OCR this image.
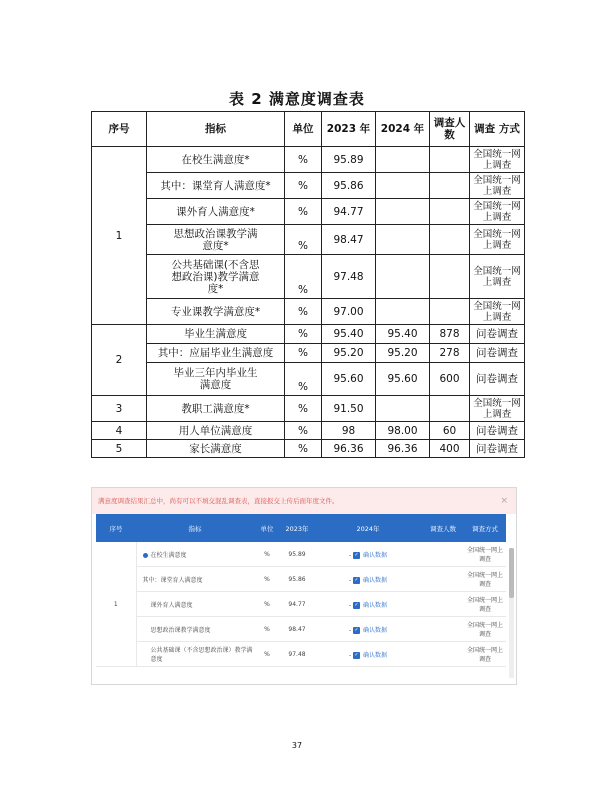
表 2 满意度调查表
序号	指标	单位	2023 年	2024 年	调查人数	调查 方式
1	在校生满意度*	%	95.89			全国统一网上调查
	其中：课堂育人满意度*	%	95.86			全国统一网上调查
	课外育人满意度*	%	94.77			全国统一网上调查
	思想政治课教学满 意度*	%	98.47			全国统一网上调查
	公共基础课(不含思想政治课)教学满意度*	%	97.48			全国统一网上调查
	专业课教学满意度*	%	97.00			全国统一网上调查
2	毕业生满意度	%	95.40	95.40	878	问卷调查
	其中：应届毕业生满意度	%	95.20	95.20	278	问卷调查
	毕业三年内毕业生 满意度	%	95.60	95.60	600	问卷调查
3	教职工满意度*	%	91.50			全国统一网上调查
4	用人单位满意度	%	98	98.00	60	问卷调查
5	家长满意度	%	96.36	96.36	400	问卷调查
满意度调查结果汇总中，尚有可以不填交混乱调查表，直接报交上传后面年度文件。	×
序号	指标	单位	2023年	2024年	调查人数	调查方式
1	在校生满意度	%	95.89	- ✓ 确认数据		全国统一网上调查
	其中：课堂育人满意度	%	95.86	- ✓ 确认数据		全国统一网上调查
	课外育人满意度	%	94.77	- ✓ 确认数据		全国统一网上调查
	思想政治课教学满意度	%	98.47	- ✓ 确认数据		全国统一网上调查
	公共基础课（不含思想政治课）教学满意度	%	97.48	- ✓ 确认数据		全国统一网上调查
37
